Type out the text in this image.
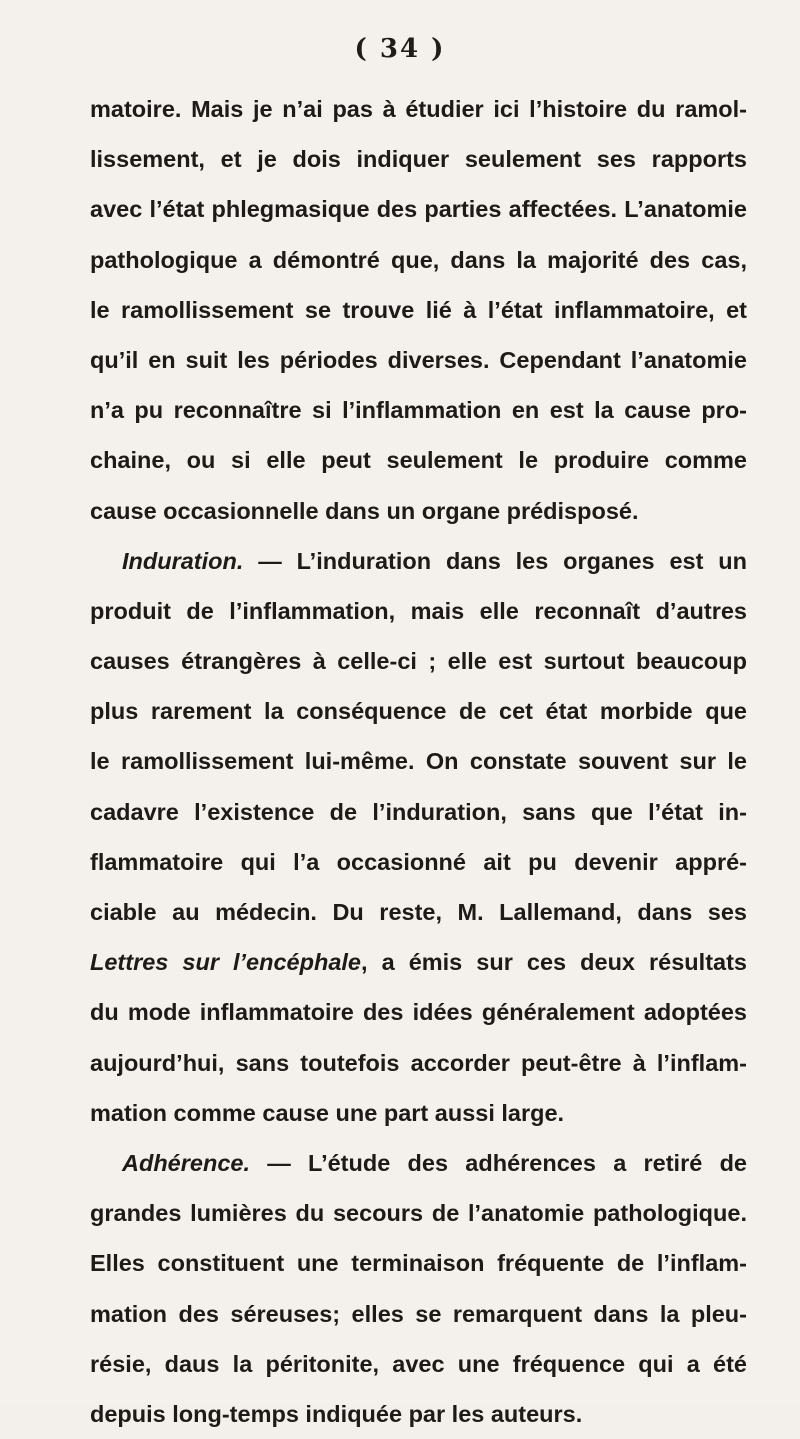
( 34 )
matoire. Mais je n’ai pas à étudier ici l’histoire du ramol-
lissement, et je dois indiquer seulement ses rapports
avec l’état phlegmasique des parties affectées. L’anatomie
pathologique a démontré que, dans la majorité des cas,
le ramollissement se trouve lié à l’état inflammatoire, et
qu’il en suit les périodes diverses. Cependant l’anatomie
n’a pu reconnaître si l’inflammation en est la cause pro-
chaine, ou si elle peut seulement le produire comme
cause occasionnelle dans un organe prédisposé.
Induration. — L’induration dans les organes est un
produit de l’inflammation, mais elle reconnaît d’autres
causes étrangères à celle-ci ; elle est surtout beaucoup
plus rarement la conséquence de cet état morbide que
le ramollissement lui-même. On constate souvent sur le
cadavre l’existence de l’induration, sans que l’état in-
flammatoire qui l’a occasionné ait pu devenir appré-
ciable au médecin. Du reste, M. Lallemand, dans ses
Lettres sur l’encéphale, a émis sur ces deux résultats
du mode inflammatoire des idées généralement adoptées
aujourd’hui, sans toutefois accorder peut-être à l’inflam-
mation comme cause une part aussi large.
Adhérence. — L’étude des adhérences a retiré de
grandes lumières du secours de l’anatomie pathologique.
Elles constituent une terminaison fréquente de l’inflam-
mation des séreuses; elles se remarquent dans la pleu-
résie, daus la péritonite, avec une fréquence qui a été
depuis long-temps indiquée par les auteurs.
